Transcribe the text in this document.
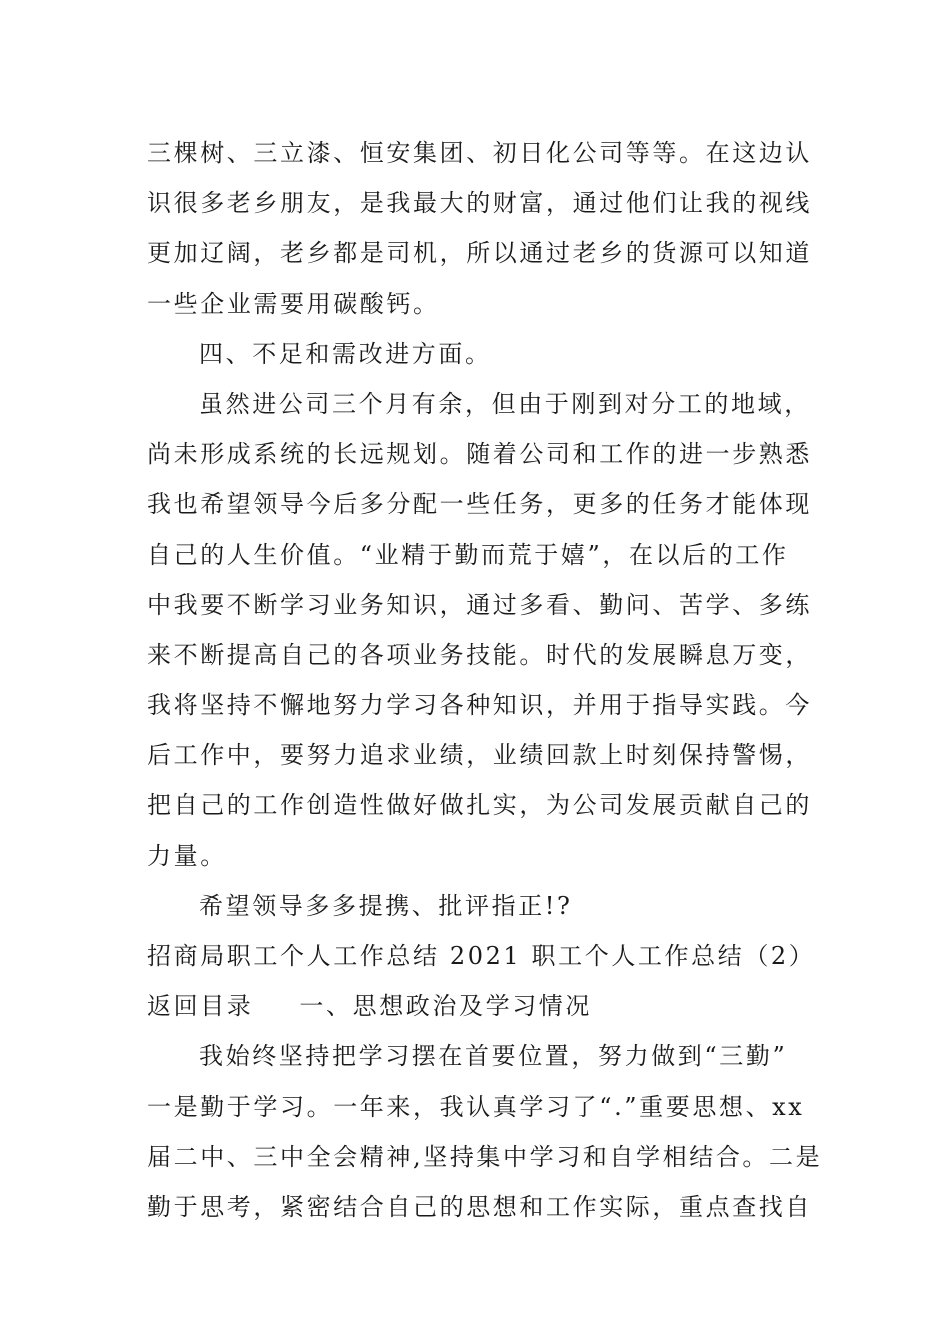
三棵树、三立漆、恒安集团、初日化公司等等。在这边认
识很多老乡朋友，是我最大的财富，通过他们让我的视线
更加辽阔，老乡都是司机，所以通过老乡的货源可以知道
一些企业需要用碳酸钙。
四、不足和需改进方面。
虽然进公司三个月有余，但由于刚到对分工的地域，
尚未形成系统的长远规划。随着公司和工作的进一步熟悉
我也希望领导今后多分配一些任务，更多的任务才能体现
自己的人生价值。“业精于勤而荒于嬉”，在以后的工作
中我要不断学习业务知识，通过多看、勤问、苦学、多练
来不断提高自己的各项业务技能。时代的发展瞬息万变，
我将坚持不懈地努力学习各种知识，并用于指导实践。今
后工作中，要努力追求业绩，业绩回款上时刻保持警惕，
把自己的工作创造性做好做扎实，为公司发展贡献自己的
力量。
希望领导多多提携、批评指正!?
招商局职工个人工作总结 2021 职工个人工作总结（2）
返回目录 一、思想政治及学习情况
我始终坚持把学习摆在首要位置，努力做到“三勤”
一是勤于学习。一年来，我认真学习了“.”重要思想、xx
届二中、三中全会精神,坚持集中学习和自学相结合。二是
勤于思考，紧密结合自己的思想和工作实际，重点查找自
